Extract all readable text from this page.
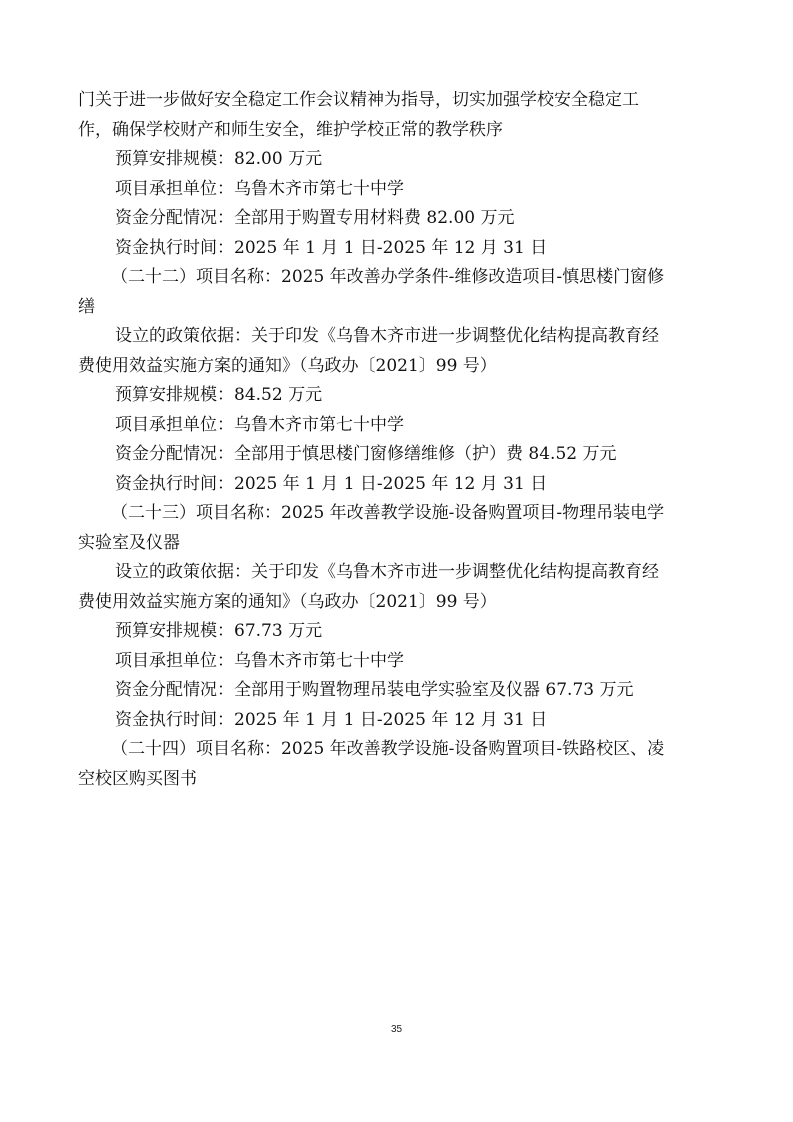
门关于进一步做好安全稳定工作会议精神为指导，切实加强学校安全稳定工
作，确保学校财产和师生安全，维护学校正常的教学秩序
预算安排规模：82.00 万元
项目承担单位：乌鲁木齐市第七十中学
资金分配情况：全部用于购置专用材料费 82.00 万元
资金执行时间：2025 年 1 月 1 日-2025 年 12 月 31 日
（二十二）项目名称：2025 年改善办学条件-维修改造项目-慎思楼门窗修
缮
设立的政策依据：关于印发《乌鲁木齐市进一步调整优化结构提高教育经
费使用效益实施方案的通知》（乌政办〔2021〕99 号）
预算安排规模：84.52 万元
项目承担单位：乌鲁木齐市第七十中学
资金分配情况：全部用于慎思楼门窗修缮维修（护）费 84.52 万元
资金执行时间：2025 年 1 月 1 日-2025 年 12 月 31 日
（二十三）项目名称：2025 年改善教学设施-设备购置项目-物理吊装电学
实验室及仪器
设立的政策依据：关于印发《乌鲁木齐市进一步调整优化结构提高教育经
费使用效益实施方案的通知》（乌政办〔2021〕99 号）
预算安排规模：67.73 万元
项目承担单位：乌鲁木齐市第七十中学
资金分配情况：全部用于购置物理吊装电学实验室及仪器 67.73 万元
资金执行时间：2025 年 1 月 1 日-2025 年 12 月 31 日
（二十四）项目名称：2025 年改善教学设施-设备购置项目-铁路校区、凌
空校区购买图书
35
